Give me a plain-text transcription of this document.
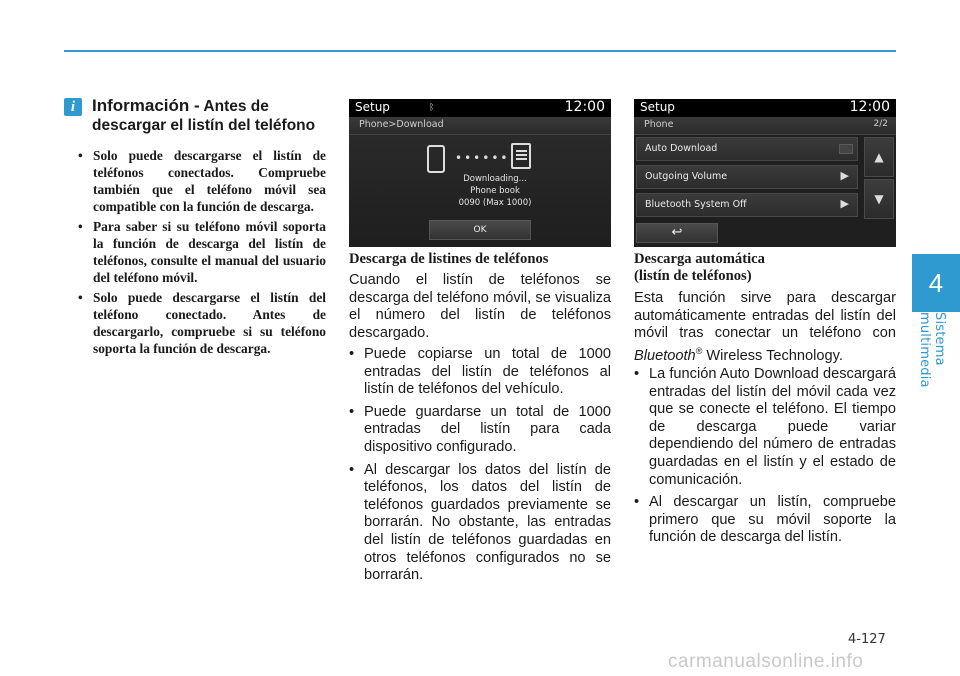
i Información - Antes de
descargar el listín del teléfono
• Solo puede descargarse el listín de teléfonos conectados. Compruebe también que el teléfono móvil sea compatible con la función de descarga.
• Para saber si su teléfono móvil soporta la función de descarga del listín de teléfonos, consulte el manual del usuario del teléfono móvil.
• Solo puede descargarse el listín del teléfono conectado. Antes de descargarlo, compruebe si su teléfono soporta la función de descarga.
Setup	ᛒ	12:00
Phone>Download
••••••
Downloading...
Phone book
0090 (Max 1000)
OK
Descarga de listines de teléfonos
Cuando el listín de teléfonos se descarga del teléfono móvil, se visualiza el número del listín de teléfonos descargado.
• Puede copiarse un total de 1000 entradas del listín de teléfonos al listín de teléfonos del vehículo.
• Puede guardarse un total de 1000 entradas del listín para cada dispositivo configurado.
• Al descargar los datos del listín de teléfonos, los datos del listín de teléfonos guardados previamente se borrarán. No obstante, las entradas del listín de teléfonos guardadas en otros teléfonos configurados no se borrarán.
Setup	12:00
Phone	2/2
Auto Download
Outgoing Volume	▶
Bluetooth System Off	▶
▲
▼
↩
Descarga automática
(listín de teléfonos)
Esta función sirve para descargar automáticamente entradas del listín del móvil tras conectar un teléfono con Bluetooth® Wireless Technology.
• La función Auto Download descargará entradas del listín del móvil cada vez que se conecte el teléfono. El tiempo de descarga puede variar dependiendo del número de entradas guardadas en el listín y el estado de comunicación.
• Al descargar un listín, compruebe primero que su móvil soporte la función de descarga del listín.
4
Sistema multimedia
4-127
carmanualsonline.info
